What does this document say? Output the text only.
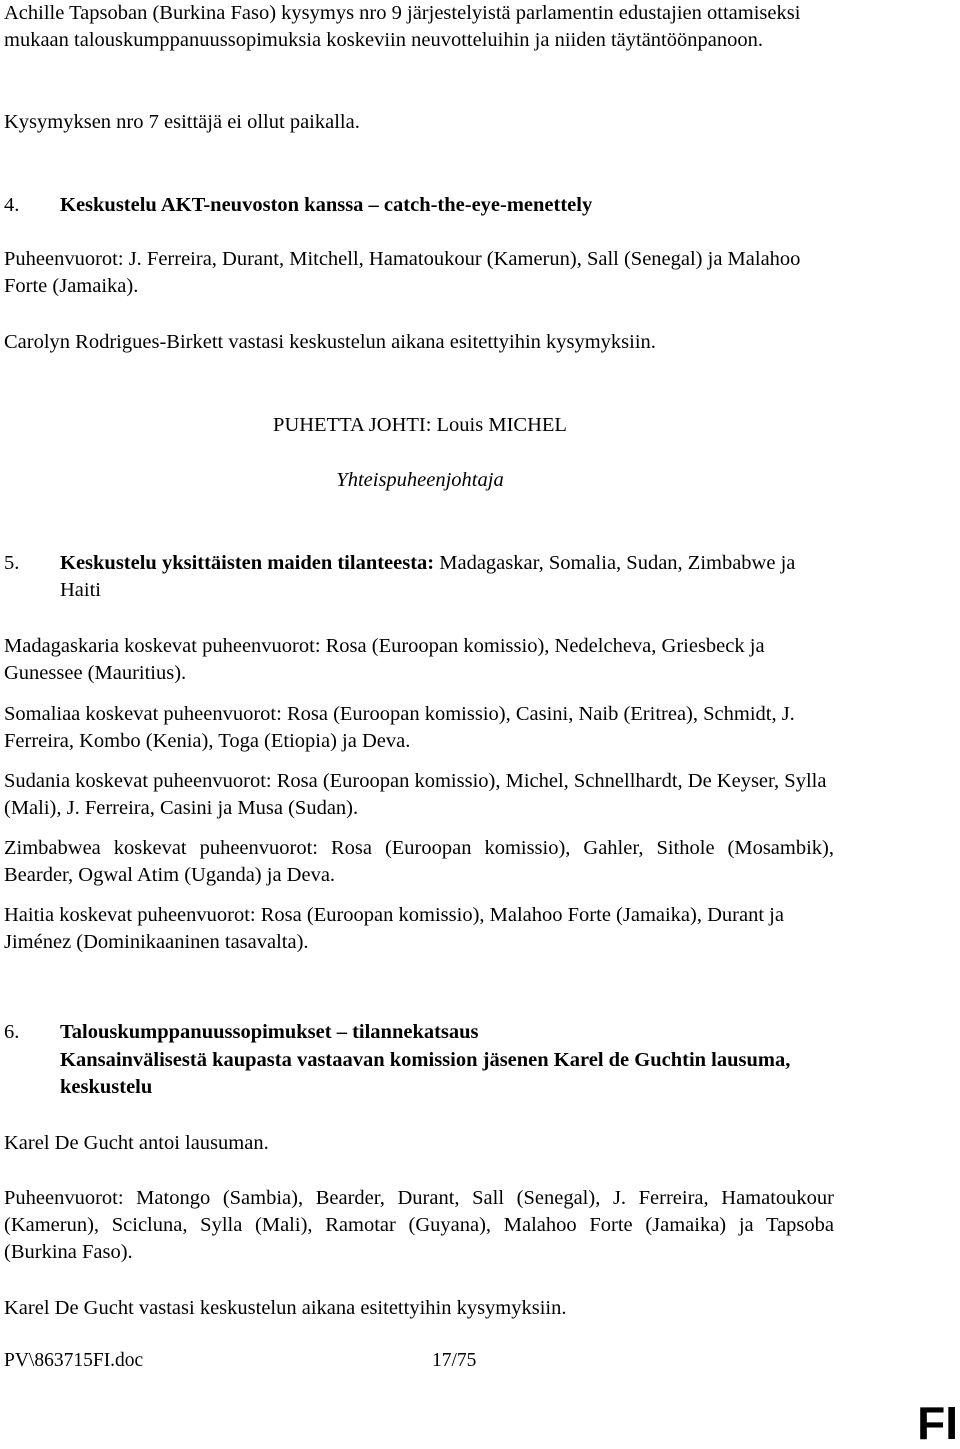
Achille Tapsoban (Burkina Faso) kysymys nro 9 järjestelyistä parlamentin edustajien ottamiseksi mukaan talouskumppanuussopimuksia koskeviin neuvotteluihin ja niiden täytäntöönpanoon.

Kysymyksen nro 7 esittäjä ei ollut paikalla.

4. Keskustelu AKT-neuvoston kanssa – catch-the-eye-menettely

Puheenvuorot: J. Ferreira, Durant, Mitchell, Hamatoukour (Kamerun), Sall (Senegal) ja Malahoo Forte (Jamaika).

Carolyn Rodrigues-Birkett vastasi keskustelun aikana esitettyihin kysymyksiin.

PUHETTA JOHTI: Louis MICHEL

Yhteispuheenjohtaja

5. Keskustelu yksittäisten maiden tilanteesta: Madagaskar, Somalia, Sudan, Zimbabwe ja Haiti

Madagaskaria koskevat puheenvuorot: Rosa (Euroopan komissio), Nedelcheva, Griesbeck ja Gunessee (Mauritius).

Somaliaa koskevat puheenvuorot: Rosa (Euroopan komissio), Casini, Naib (Eritrea), Schmidt, J. Ferreira, Kombo (Kenia), Toga (Etiopia) ja Deva.

Sudania koskevat puheenvuorot: Rosa (Euroopan komissio), Michel, Schnellhardt, De Keyser, Sylla (Mali), J. Ferreira, Casini ja Musa (Sudan).

Zimbabwea koskevat puheenvuorot: Rosa (Euroopan komissio), Gahler, Sithole (Mosambik), Bearder, Ogwal Atim (Uganda) ja Deva.

Haitia koskevat puheenvuorot: Rosa (Euroopan komissio), Malahoo Forte (Jamaika), Durant ja Jiménez (Dominikaaninen tasavalta).

6. Talouskumppanuussopimukset – tilannekatsaus

Kansainvälisestä kaupasta vastaavan komission jäsenen Karel de Guchtin lausuma, keskustelu

Karel De Gucht antoi lausuman.

Puheenvuorot: Matongo (Sambia), Bearder, Durant, Sall (Senegal), J. Ferreira, Hamatoukour (Kamerun), Scicluna, Sylla (Mali), Ramotar (Guyana), Malahoo Forte (Jamaika) ja Tapsoba (Burkina Faso).

Karel De Gucht vastasi keskustelun aikana esitettyihin kysymyksiin.

PV\863715FI.doc	17/75
FI
